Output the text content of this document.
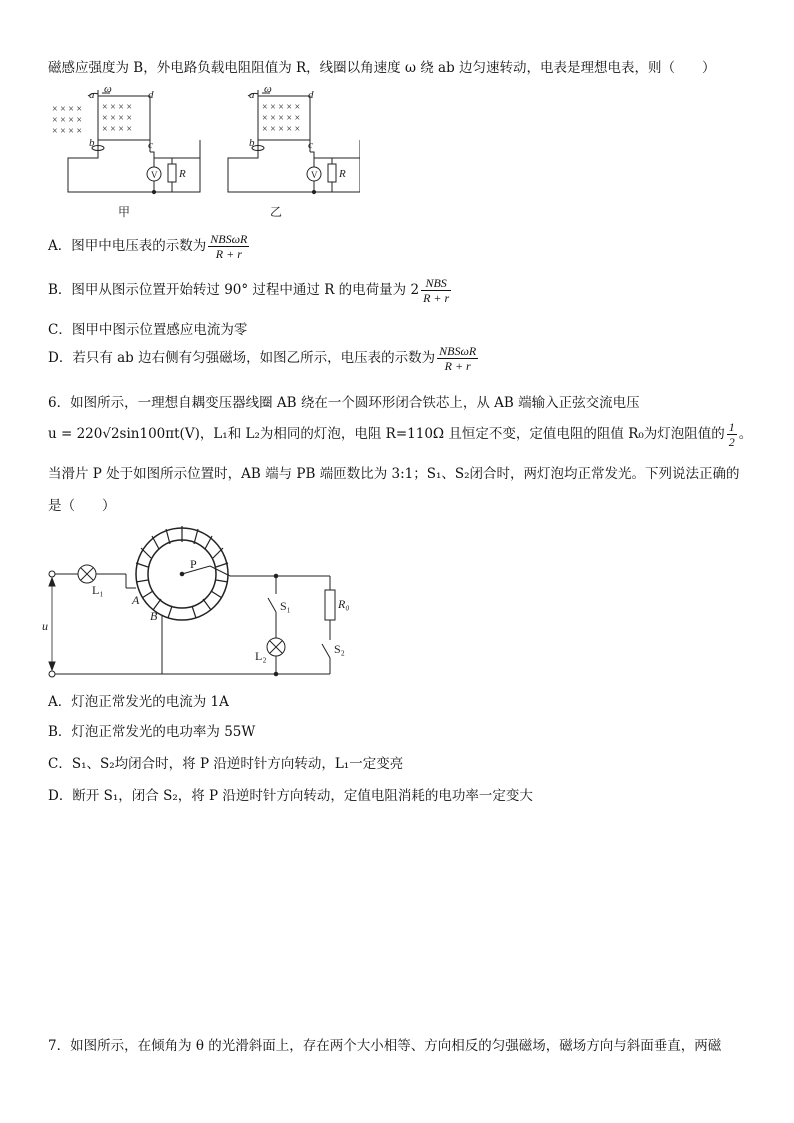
磁感应强度为 B，外电路负载电阻阻值为 R，线圈以角速度 ω 绕 ab 边匀速转动，电表是理想电表，则（　　）
× × × ×
× × × ×
× × × ×
× × × ×
× × × ×
× × × ×
a ω	d
b	c
V R
甲
× × × × ×
× × × × ×
× × × × ×
a ω	d
b	c
V R
乙
A．图甲中电压表的示数为 $\frac{\text{NBSωR}}{R + r}$
B．图甲从图示位置开始转过 90° 过程中通过 R 的电荷量为 $2 \frac{\text{NBS}}{R + r}$
C．图甲中图示位置感应电流为零
D．若只有 ab 边右侧有匀强磁场，如图乙所示，电压表的示数为 $\frac{\text{NBSωR}}{R + r}$
6．如图所示，一理想自耦变压器线圈 AB 绕在一个圆环形闭合铁芯上，从 AB 端输入正弦交流电压
u = 220√2sin100πt(V)，L₁和 L₂为相同的灯泡，电阻 R=110Ω 且恒定不变，定值电阻的阻值 R₀为灯泡阻值的 $\frac{1}{2}$ 。
当滑片 P 处于如图所示位置时，AB 端与 PB 端匝数比为 3:1；S₁、S₂闭合时，两灯泡均正常发光。下列说法正确的
是（　　）
L₁
A
B
P
S₁
L₂
R₀
S₂
u
A．灯泡正常发光的电流为 1A
B．灯泡正常发光的电功率为 55W
C．S₁、S₂均闭合时，将 P 沿逆时针方向转动，L₁一定变亮
D．断开 S₁，闭合 S₂，将 P 沿逆时针方向转动，定值电阻消耗的电功率一定变大
7．如图所示，在倾角为 θ 的光滑斜面上，存在两个大小相等、方向相反的匀强磁场，磁场方向与斜面垂直，两磁
